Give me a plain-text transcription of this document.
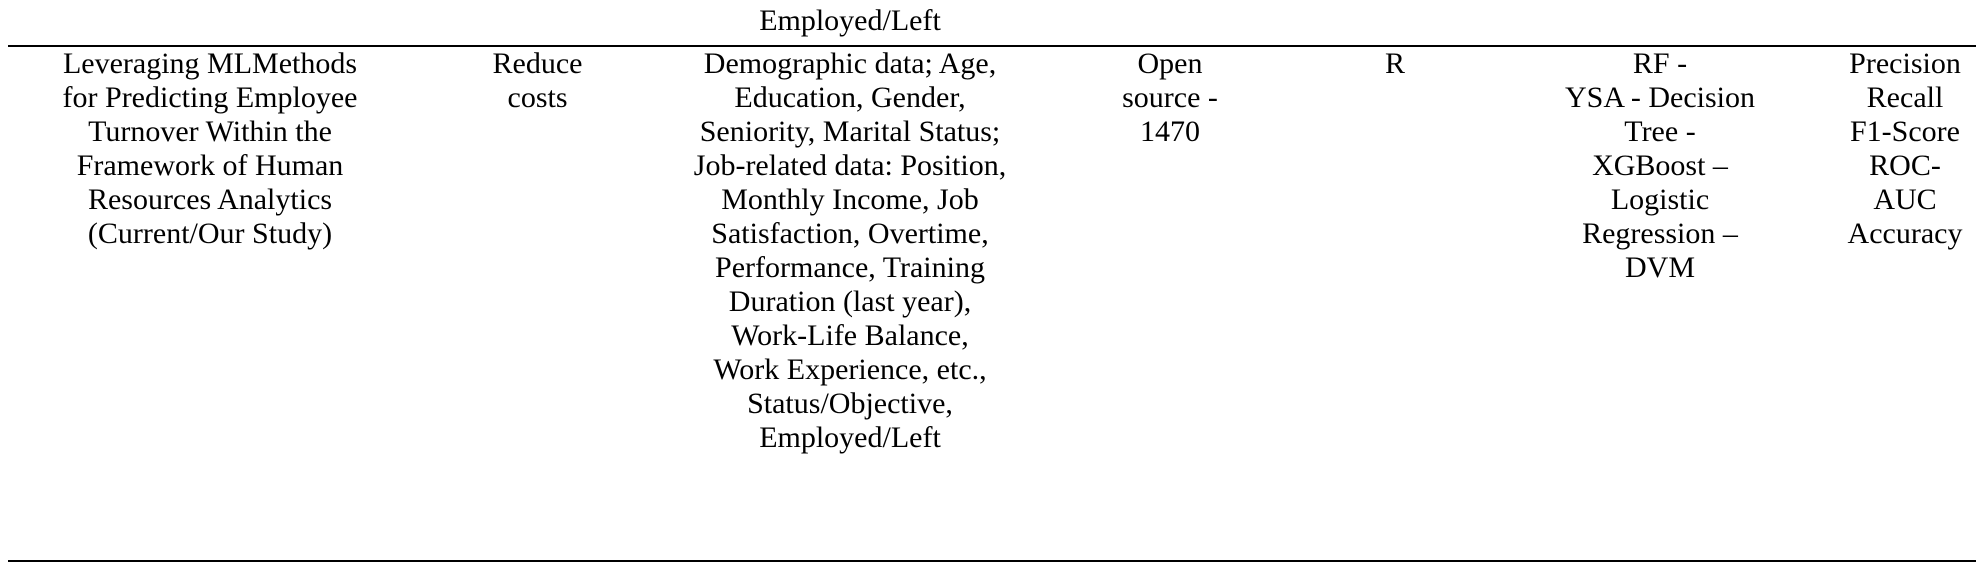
Employed/Left
Leveraging MLMethods
for Predicting Employee
Turnover Within the
Framework of Human
Resources Analytics
(Current/Our Study)
Reduce
costs
Demographic data; Age,
Education, Gender,
Seniority, Marital Status;
Job-related data: Position,
Monthly Income, Job
Satisfaction, Overtime,
Performance, Training
Duration (last year),
Work-Life Balance,
Work Experience, etc.,
Status/Objective,
Employed/Left
Open
source -
1470
R	RF -
YSA - Decision
Tree -
XGBoost –
Logistic
Regression –
DVM
Precision
Recall
F1-Score
ROC-
AUC
Accuracy
